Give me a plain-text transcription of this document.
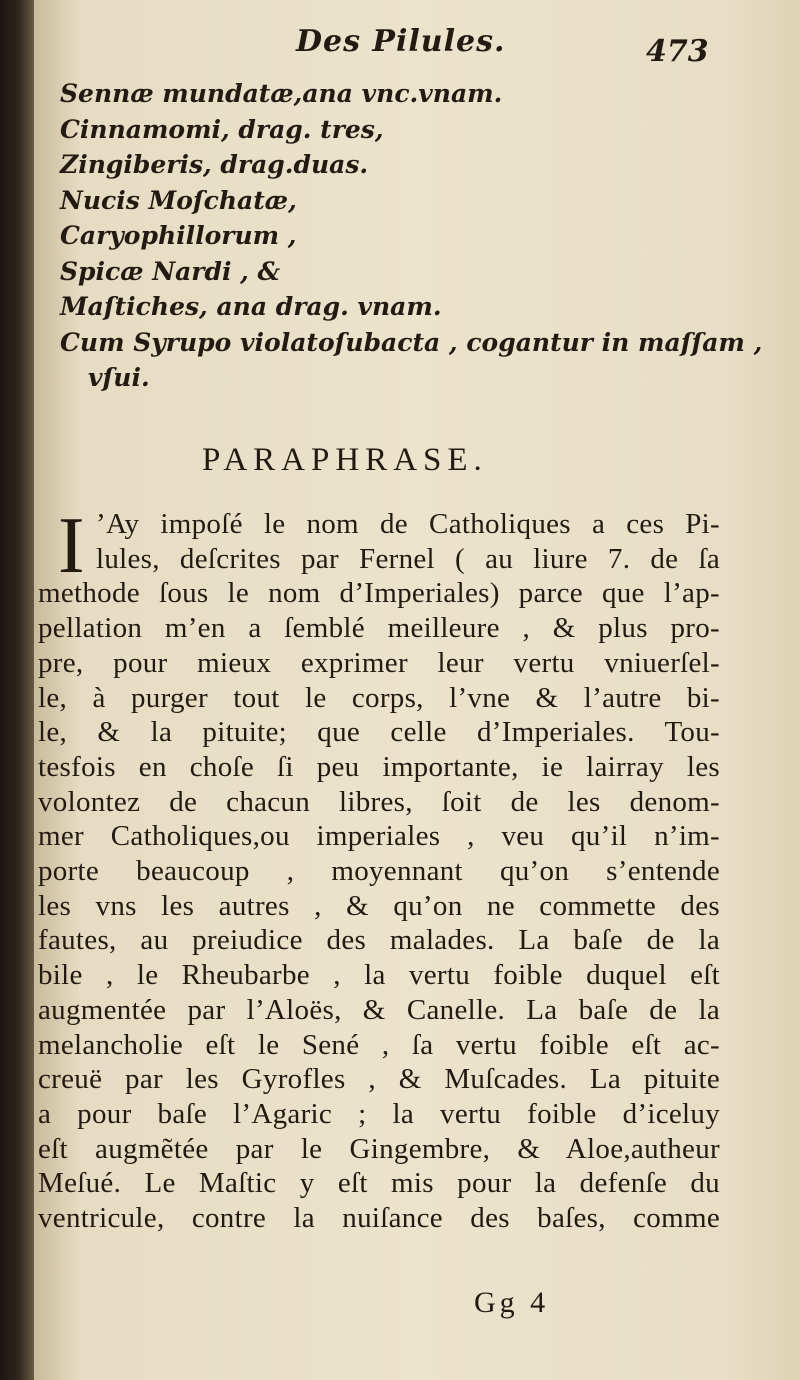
Des Pilules.	473
Sennæ mundatæ,ana vnc.vnam.
Cinnamomi, drag. tres,
Zingiberis, drag.duas.
Nucis Moſchatæ,
Caryophillorum ,
Spicæ Nardi , &
Maſtiches, ana drag. vnam.
Cum Syrupo violatoſubacta , cogantur in maſſam ,
vſui.
PARAPHRASE.
I ’Ay impoſé le nom de Catholiques a ces Pi-
lules, deſcrites par Fernel ( au liure 7. de ſa
methode ſous le nom d’Imperiales) parce que l’ap-
pellation m’en a ſemblé meilleure , & plus pro-
pre, pour mieux exprimer leur vertu vniuerſel-
le, à purger tout le corps, l’vne & l’autre bi-
le, & la pituite; que celle d’Imperiales. Tou-
tesfois en choſe ſi peu importante, ie lairray les
volontez de chacun libres, ſoit de les denom-
mer Catholiques,ou imperiales , veu qu’il n’im-
porte beaucoup , moyennant qu’on s’entende
les vns les autres , & qu’on ne commette des
fautes, au preiudice des malades. La baſe de la
bile , le Rheubarbe , la vertu foible duquel eſt
augmentée par l’Aloës, & Canelle. La baſe de la
melancholie eſt le Sené , ſa vertu foible eſt ac-
creuë par les Gyrofles , & Muſcades. La pituite
a pour baſe l’Agaric ; la vertu foible d’iceluy
eſt augmẽtée par le Gingembre, & Aloe,autheur
Meſué. Le Maſtic y eſt mis pour la defenſe du
ventricule, contre la nuiſance des baſes, comme
Gg 4
